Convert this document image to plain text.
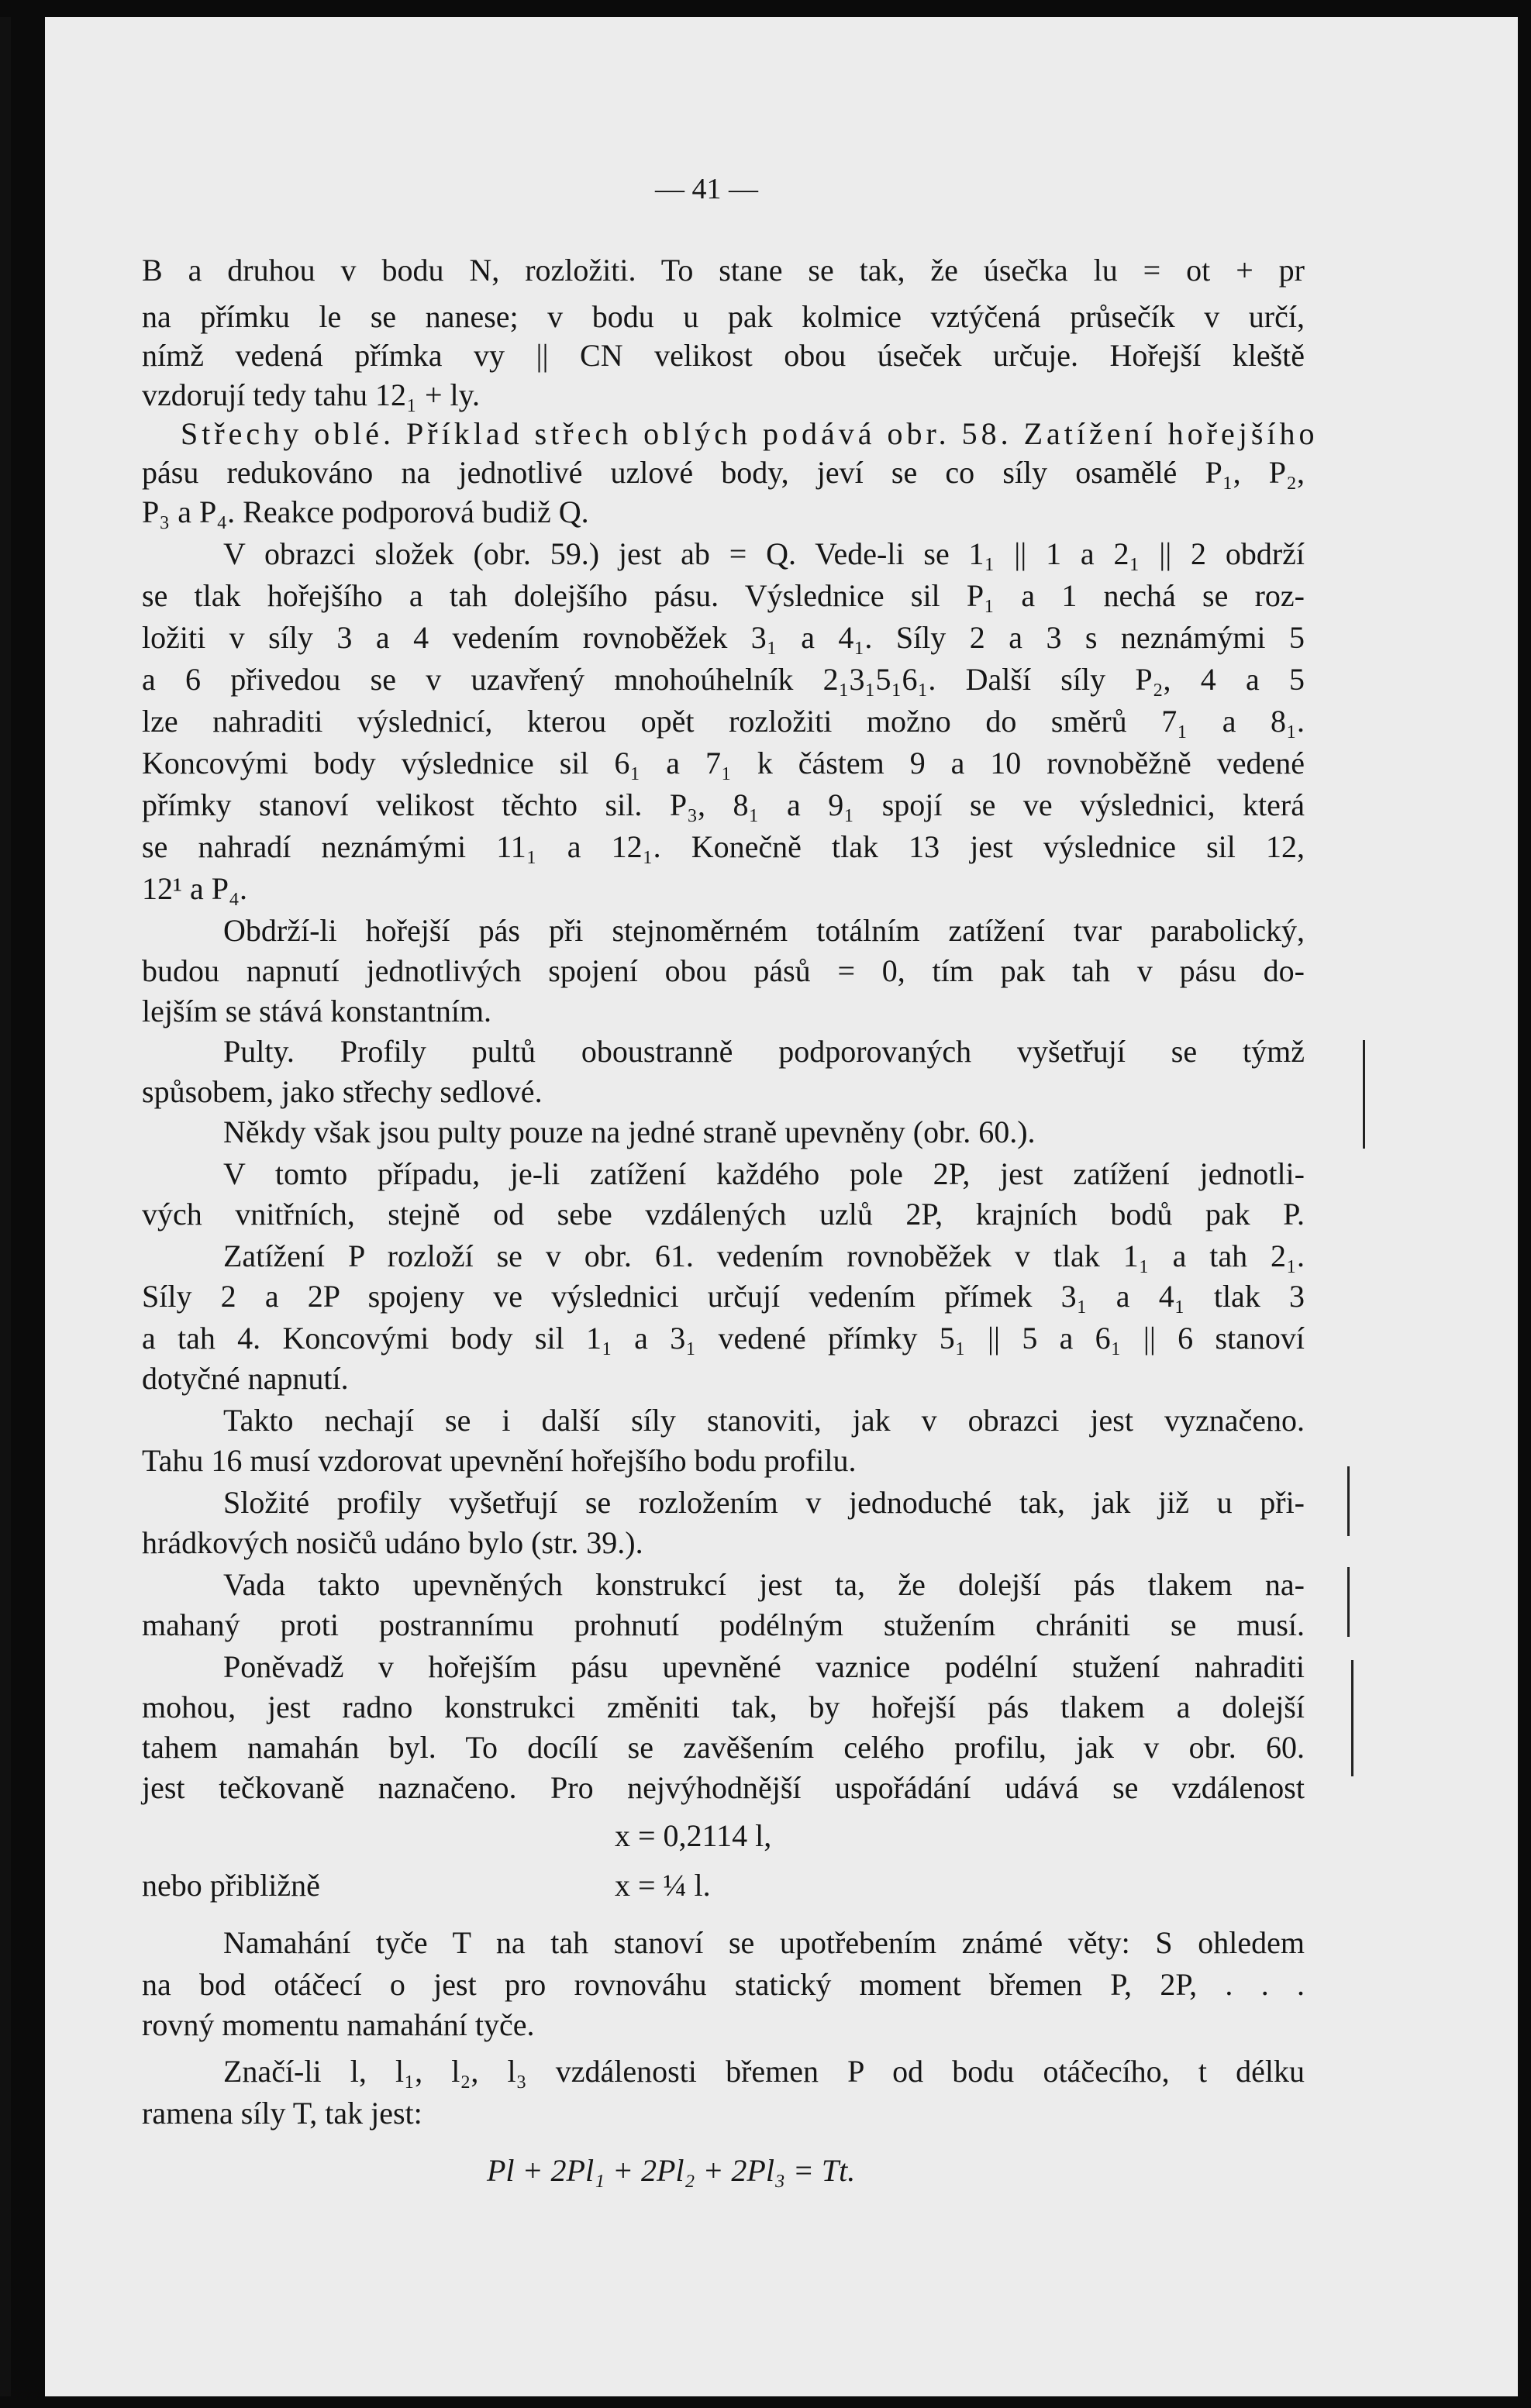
— 41 —
B a druhou v bodu N, rozložiti. To stane se tak, že úsečka lu = ot + pr
na přímku le se nanese; v bodu u pak kolmice vztýčená průsečík v určí,
nímž vedená přímka vy || CN velikost obou úseček určuje. Hořejší kleště
vzdorují tedy tahu 12₁ + ly.
Střechy oblé. Příklad střech oblých podává obr. 58. Zatížení hořejšího
pásu redukováno na jednotlivé uzlové body, jeví se co síly osamělé P₁, P₂,
P₃ a P₄. Reakce podporová budiž Q.
V obrazci složek (obr. 59.) jest ab = Q. Vede-li se 1₁ || 1 a 2₁ || 2 obdrží
se tlak hořejšího a tah dolejšího pásu. Výslednice sil P₁ a 1 nechá se roz-
ložiti v síly 3 a 4 vedením rovnoběžek 3₁ a 4₁. Síly 2 a 3 s neznámými 5
a 6 přivedou se v uzavřený mnohoúhelník 2₁3₁5₁6₁. Další síly P₂, 4 a 5
lze nahraditi výslednicí, kterou opět rozložiti možno do směrů 7₁ a 8₁.
Koncovými body výslednice sil 6₁ a 7₁ k částem 9 a 10 rovnoběžně vedené
přímky stanoví velikost těchto sil. P₃, 8₁ a 9₁ spojí se ve výslednici, která
se nahradí neznámými 11₁ a 12₁. Konečně tlak 13 jest výslednice sil 12,
12¹ a P₄.
Obdrží-li hořejší pás při stejnoměrném totálním zatížení tvar parabolický,
budou napnutí jednotlivých spojení obou pásů = 0, tím pak tah v pásu do-
lejším se stává konstantním.
Pulty. Profily pultů oboustranně podporovaných vyšetřují se týmž
spůsobem, jako střechy sedlové.
Někdy však jsou pulty pouze na jedné straně upevněny (obr. 60.).
V tomto případu, je-li zatížení každého pole 2P, jest zatížení jednotli-
vých vnitřních, stejně od sebe vzdálených uzlů 2P, krajních bodů pak P.
Zatížení P rozloží se v obr. 61. vedením rovnoběžek v tlak 1₁ a tah 2₁.
Síly 2 a 2P spojeny ve výslednici určují vedením přímek 3₁ a 4₁ tlak 3
a tah 4. Koncovými body sil 1₁ a 3₁ vedené přímky 5₁ || 5 a 6₁ || 6 stanoví
dotyčné napnutí.
Takto nechají se i další síly stanoviti, jak v obrazci jest vyznačeno.
Tahu 16 musí vzdorovat upevnění hořejšího bodu profilu.
Složité profily vyšetřují se rozložením v jednoduché tak, jak již u při-
hrádkových nosičů udáno bylo (str. 39.).
Vada takto upevněných konstrukcí jest ta, že dolejší pás tlakem na-
mahaný proti postrannímu prohnutí podélným stužením chrániti se musí.
Poněvadž v hořejším pásu upevněné vaznice podélní stužení nahraditi
mohou, jest radno konstrukci změniti tak, by hořejší pás tlakem a dolejší
tahem namahán byl. To docílí se zavěšením celého profilu, jak v obr. 60.
jest tečkovaně naznačeno. Pro nejvýhodnější uspořádání udává se vzdálenost
x = 0,2114 l,
nebo přibližně	x = ¼ l.
Namahání tyče T na tah stanoví se upotřebením známé věty: S ohledem
na bod otáčecí o jest pro rovnováhu statický moment břemen P, 2P, . . .
rovný momentu namahání tyče.
Značí-li l, l₁, l₂, l₃ vzdálenosti břemen P od bodu otáčecího, t délku
ramena síly T, tak jest:
Pl + 2Pl₁ + 2Pl₂ + 2Pl₃ = Tt.
